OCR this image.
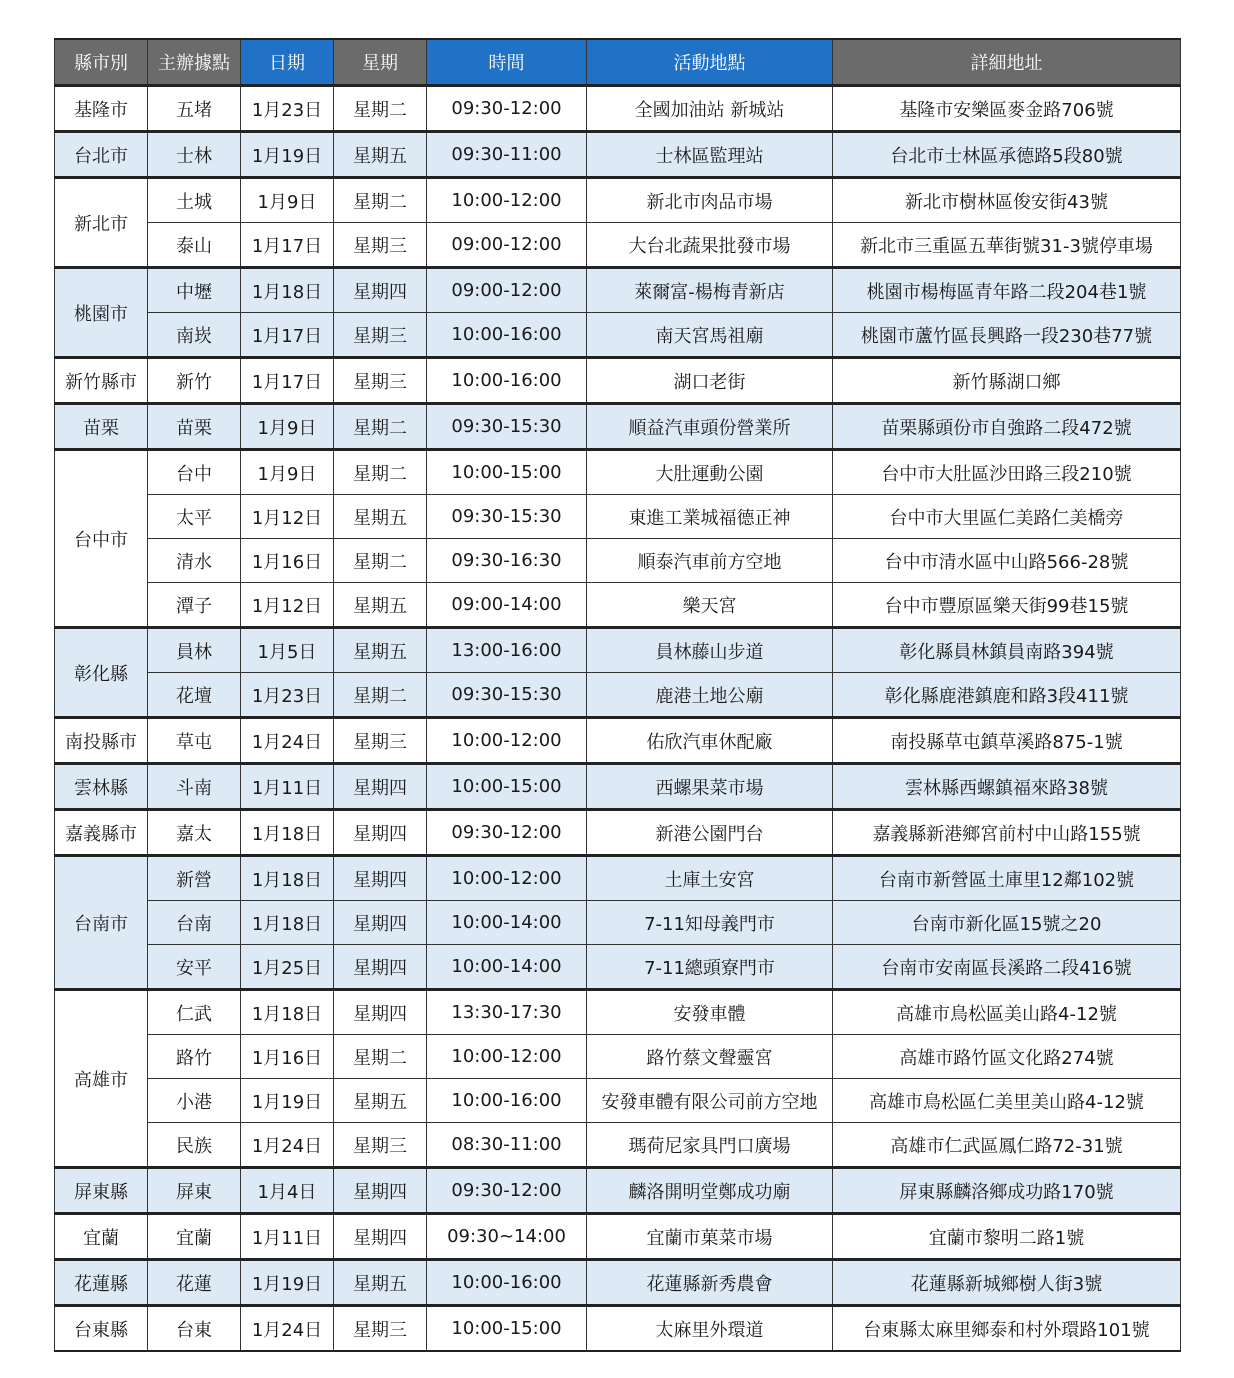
縣市別	主辦據點	日期	星期	時間	活動地點	詳細地址
基隆市	五堵	1月23日	星期二	09:30-12:00	全國加油站 新城站	基隆市安樂區麥金路706號
台北市	士林	1月19日	星期五	09:30-11:00	士林區監理站	台北市士林區承德路5段80號
新北市	土城	1月9日	星期二	10:00-12:00	新北市肉品市場	新北市樹林區俊安街43號
	泰山	1月17日	星期三	09:00-12:00	大台北蔬果批發市場	新北市三重區五華街號31-3號停車場
桃園市	中壢	1月18日	星期四	09:00-12:00	萊爾富-楊梅青新店	桃園市楊梅區青年路二段204巷1號
	南崁	1月17日	星期三	10:00-16:00	南天宮馬祖廟	桃園市蘆竹區長興路一段230巷77號
新竹縣市	新竹	1月17日	星期三	10:00-16:00	湖口老街	新竹縣湖口鄉
苗栗	苗栗	1月9日	星期二	09:30-15:30	順益汽車頭份營業所	苗栗縣頭份市自強路二段472號
台中市	台中	1月9日	星期二	10:00-15:00	大肚運動公園	台中市大肚區沙田路三段210號
	太平	1月12日	星期五	09:30-15:30	東進工業城福德正神	台中市大里區仁美路仁美橋旁
	清水	1月16日	星期二	09:30-16:30	順泰汽車前方空地	台中市清水區中山路566-28號
	潭子	1月12日	星期五	09:00-14:00	樂天宮	台中市豐原區樂天街99巷15號
彰化縣	員林	1月5日	星期五	13:00-16:00	員林藤山步道	彰化縣員林鎮員南路394號
	花壇	1月23日	星期二	09:30-15:30	鹿港土地公廟	彰化縣鹿港鎮鹿和路3段411號
南投縣市	草屯	1月24日	星期三	10:00-12:00	佑欣汽車休配廠	南投縣草屯鎮草溪路875-1號
雲林縣	斗南	1月11日	星期四	10:00-15:00	西螺果菜市場	雲林縣西螺鎮福來路38號
嘉義縣市	嘉太	1月18日	星期四	09:30-12:00	新港公園門台	嘉義縣新港鄉宮前村中山路155號
台南市	新營	1月18日	星期四	10:00-12:00	土庫土安宮	台南市新營區土庫里12鄰102號
	台南	1月18日	星期四	10:00-14:00	7-11知母義門市	台南市新化區15號之20
	安平	1月25日	星期四	10:00-14:00	7-11總頭寮門市	台南市安南區長溪路二段416號
高雄市	仁武	1月18日	星期四	13:30-17:30	安發車體	高雄市鳥松區美山路4-12號
	路竹	1月16日	星期二	10:00-12:00	路竹蔡文聲靈宮	高雄市路竹區文化路274號
	小港	1月19日	星期五	10:00-16:00	安發車體有限公司前方空地	高雄市鳥松區仁美里美山路4-12號
	民族	1月24日	星期三	08:30-11:00	瑪荷尼家具門口廣場	高雄市仁武區鳳仁路72-31號
屏東縣	屏東	1月4日	星期四	09:30-12:00	麟洛開明堂鄭成功廟	屏東縣麟洛鄉成功路170號
宜蘭	宜蘭	1月11日	星期四	09:30~14:00	宜蘭市菓菜市場	宜蘭市黎明二路1號
花蓮縣	花蓮	1月19日	星期五	10:00-16:00	花蓮縣新秀農會	花蓮縣新城鄉樹人街3號
台東縣	台東	1月24日	星期三	10:00-15:00	太麻里外環道	台東縣太麻里鄉泰和村外環路101號
